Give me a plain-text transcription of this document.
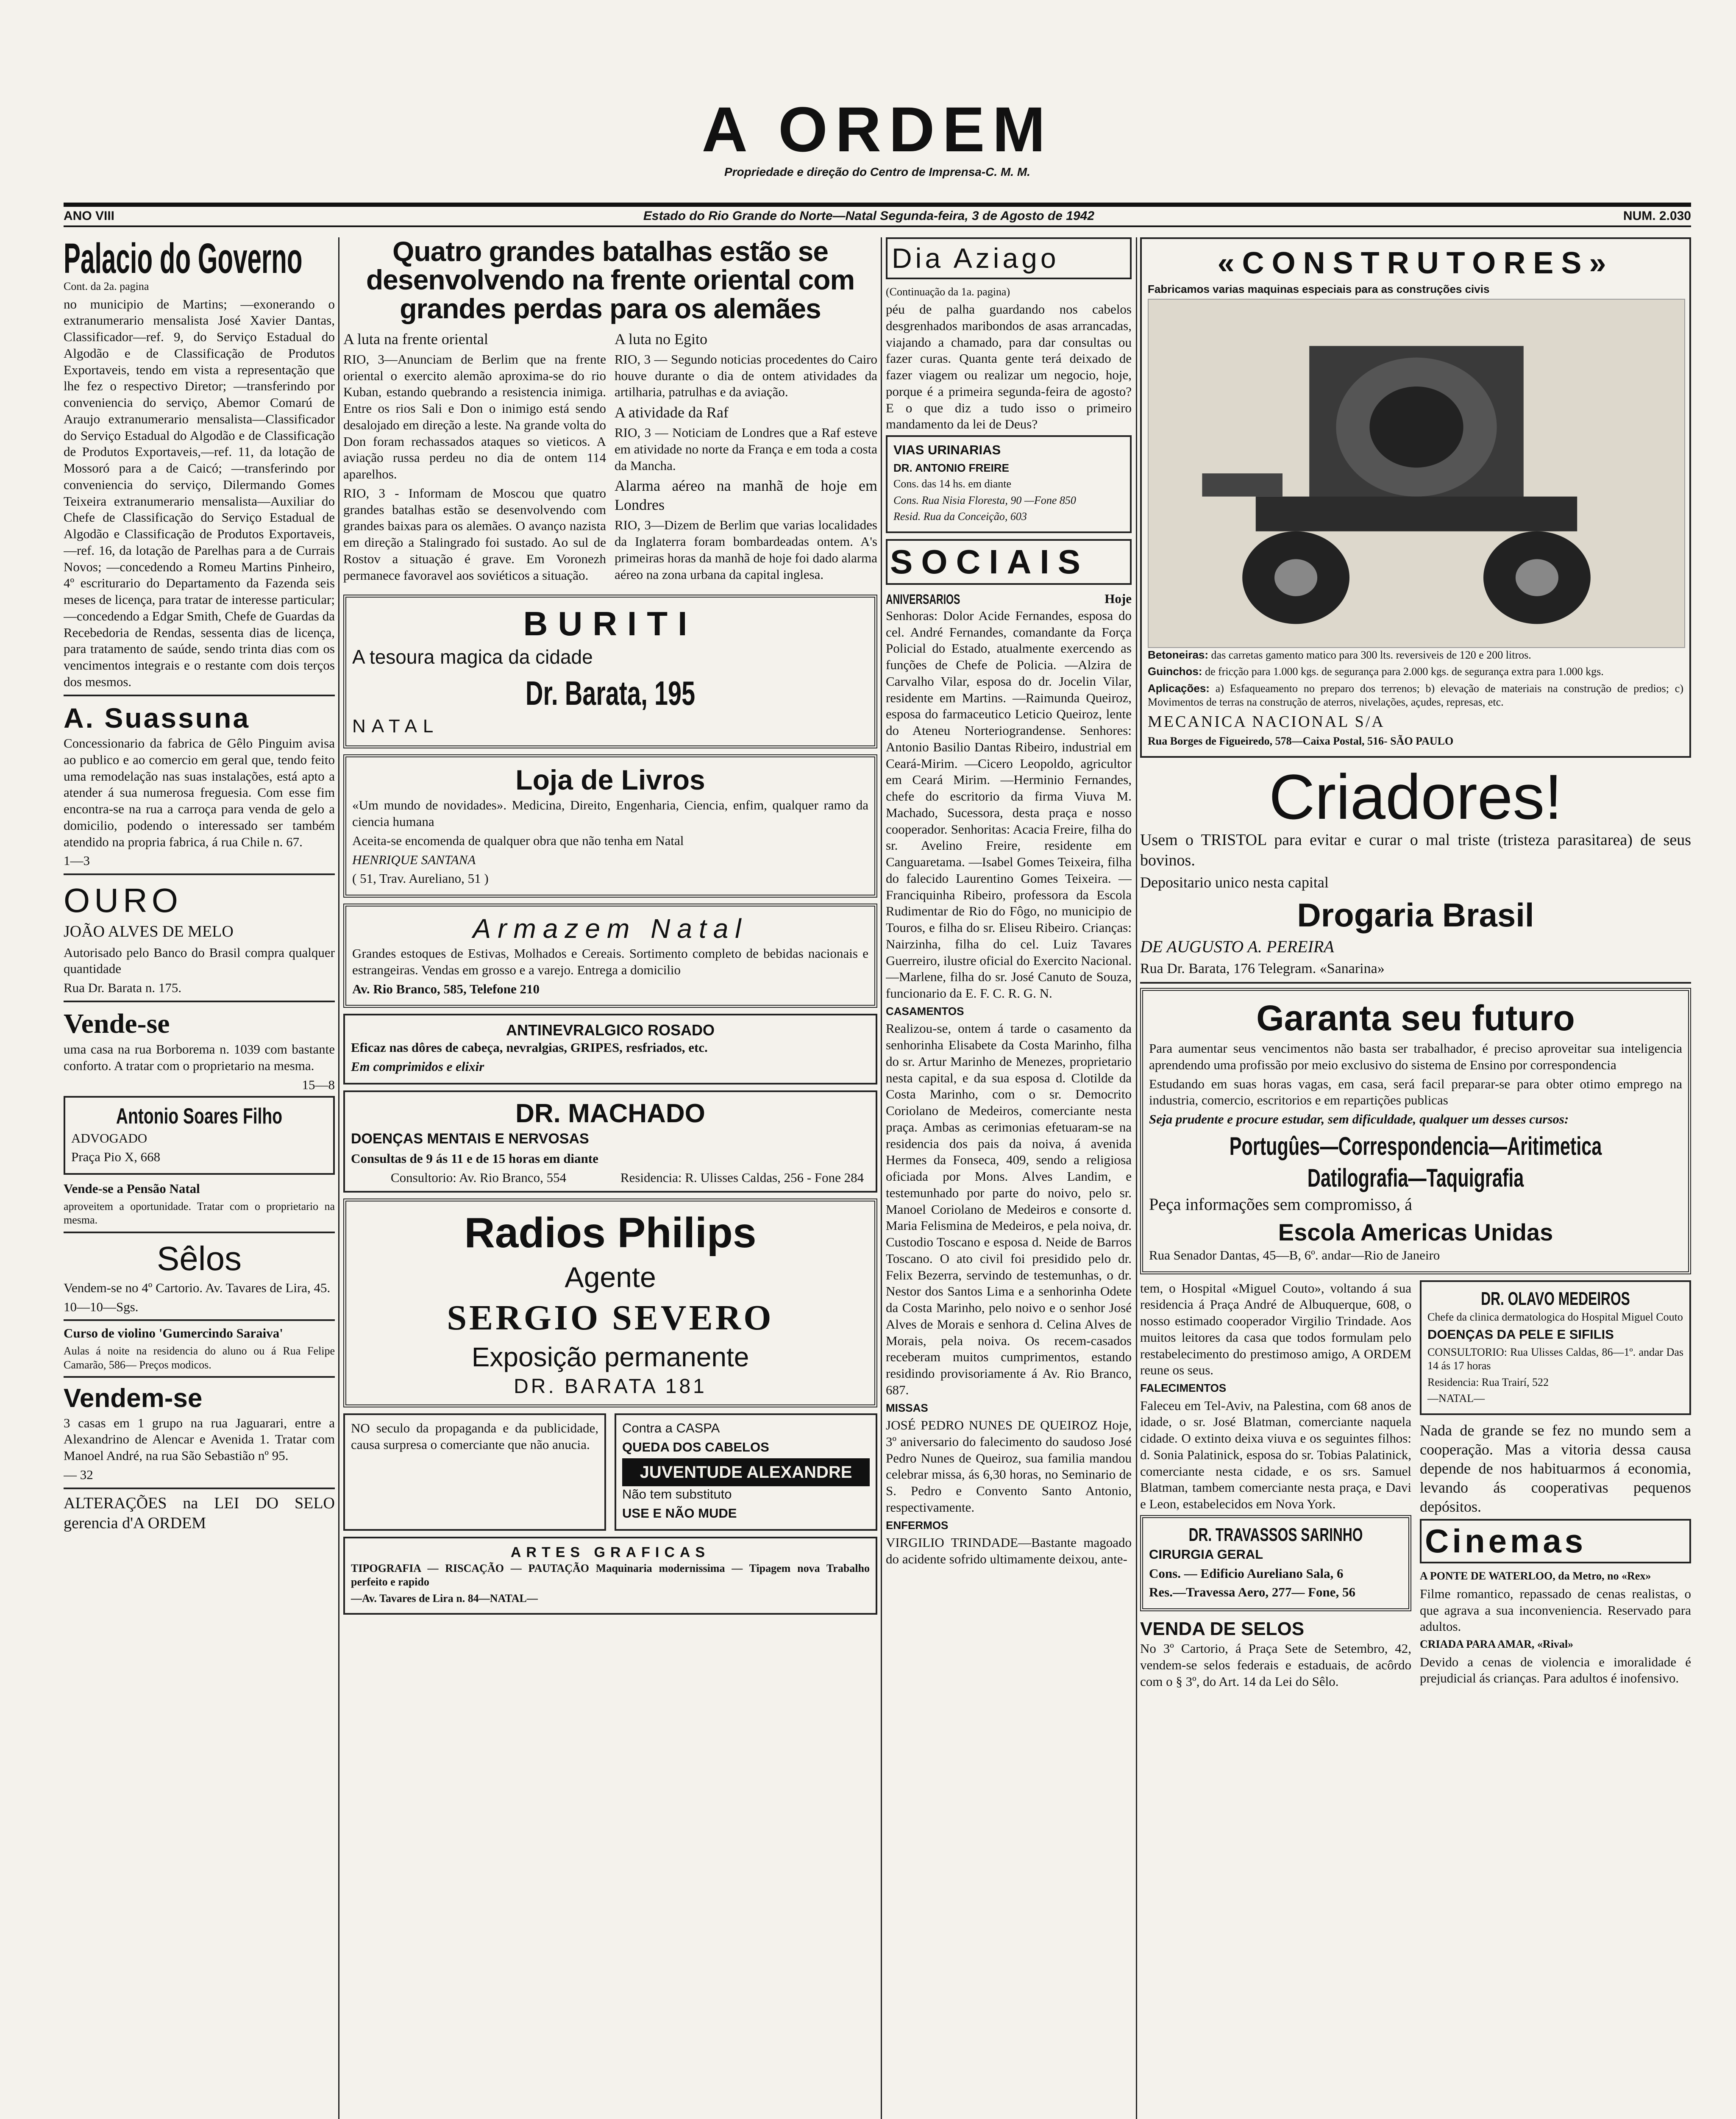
A ORDEM
Propriedade e direção do Centro de Imprensa-C. M. M.
ANO VIII	Estado do Rio Grande do Norte—Natal Segunda-feira, 3 de Agosto de 1942	NUM. 2.030
Palacio do Governo

Cont. da 2a. pagina

no municipio de Martins; —exonerando o extranumerario mensalista José Xavier Dantas, Classificador—ref. 9, do Serviço Estadual do Algodão e de Classificação de Produtos Exportaveis, tendo em vista a representação que lhe fez o respectivo Diretor; —transferindo por conveniencia do serviço, Abemor Comarú de Araujo extranumerario mensalista—Classificador do Serviço Estadual do Algodão e de Classificação de Produtos Exportaveis,—ref. 11, da lotação de Mossoró para a de Caicó; —transferindo por conveniencia do serviço, Dilermando Gomes Teixeira extranumerario mensalista—Auxiliar do Chefe de Classificação do Serviço Estadual de Algodão e Classificação de Produtos Exportaveis,—ref. 16, da lotação de Parelhas para a de Currais Novos; —concedendo a Romeu Martins Pinheiro, 4º escriturario do Departamento da Fazenda seis meses de licença, para tratar de interesse particular; —concedendo a Edgar Smith, Chefe de Guardas da Recebedoria de Rendas, sessenta dias de licença, para tratamento de saúde, sendo trinta dias com os vencimentos integrais e o restante com dois terços dos mesmos.

A. Suassuna

Concessionario da fabrica de Gêlo Pinguim avisa ao publico e ao comercio em geral que, tendo feito uma remodelação nas suas instalações, está apto a atender á sua numerosa freguesia. Com esse fim encontra-se na rua a carroça para venda de gelo a domicilio, podendo o interessado ser também atendido na propria fabrica, á rua Chile n. 67.

1—3

OURO

JOÃO ALVES DE MELO

Autorisado pelo Banco do Brasil compra qualquer quantidade

Rua Dr. Barata n. 175.

Vende-se

uma casa na rua Borborema n. 1039 com bastante conforto. A tratar com o proprietario na mesma.

15—8

Antonio Soares Filho

ADVOGADO

Praça Pio X, 668

Vende-se a Pensão Natal

aproveitem a oportunidade. Tratar com o proprietario na mesma.

Sêlos

Vendem-se no 4º Cartorio. Av. Tavares de Lira, 45.

10—10—Sgs.

Curso de violino 'Gumercindo Saraiva'

Aulas á noite na residencia do aluno ou á Rua Felipe Camarão, 586— Preços modicos.

Vendem-se

3 casas em 1 grupo na rua Jaguarari, entre a Alexandrino de Alencar e Avenida 1. Tratar com Manoel André, na rua São Sebastião nº 95.

— 32

ALTERAÇÕES na LEI DO SELO gerencia d'A ORDEM

Quatro grandes batalhas estão se desenvolvendo na frente oriental com grandes perdas para os alemães

A luta na frente oriental

RIO, 3—Anunciam de Berlim que na frente oriental o exercito alemão aproxima-se do rio Kuban, estando quebrando a resistencia inimiga. Entre os rios Sali e Don o inimigo está sendo desalojado em direção a leste. Na grande volta do Don foram rechassados ataques so vieticos. A aviação russa perdeu no dia de ontem 114 aparelhos.

RIO, 3 - Informam de Moscou que quatro grandes batalhas estão se desenvolvendo com grandes baixas para os alemães. O avanço nazista em direção a Stalingrado foi sustado. Ao sul de Rostov a situação é grave. Em Voronezh permanece favoravel aos soviéticos a situação.

A luta no Egito

RIO, 3 — Segundo noticias procedentes do Cairo houve durante o dia de ontem atividades da artilharia, patrulhas e da aviação.

A atividade da Raf

RIO, 3 — Noticiam de Londres que a Raf esteve em atividade no norte da França e em toda a costa da Mancha.

Alarma aéreo na manhã de hoje em Londres

RIO, 3—Dizem de Berlim que varias localidades da Inglaterra foram bombardeadas ontem. A's primeiras horas da manhã de hoje foi dado alarma aéreo na zona urbana da capital inglesa.

BURITI

A tesoura magica da cidade

Dr. Barata, 195

NATAL

Loja de Livros

«Um mundo de novidades». Medicina, Direito, Engenharia, Ciencia, enfim, qualquer ramo da ciencia humana

Aceita-se encomenda de qualquer obra que não tenha em Natal

HENRIQUE SANTANA

( 51, Trav. Aureliano, 51 )

Armazem Natal

Grandes estoques de Estivas, Molhados e Cereais. Sortimento completo de bebidas nacionais e estrangeiras. Vendas em grosso e a varejo. Entrega a domicilio

Av. Rio Branco, 585, Telefone 210

ANTINEVRALGICO ROSADO

Eficaz nas dôres de cabeça, nevralgias, GRIPES, resfriados, etc.

Em comprimidos e elixir

DR. MACHADO

DOENÇAS MENTAIS E NERVOSAS

Consultas de 9 ás 11 e de 15 horas em diante

Consultorio: Av. Rio Branco, 554	Residencia: R. Ulisses Caldas, 256 - Fone 284
Radios Philips
Agente
SERGIO SEVERO
Exposição permanente
DR. BARATA 181

NO seculo da propaganda e da publicidade, causa surpresa o comerciante que não anucia.

Contra a CASPA

QUEDA DOS CABELOS

JUVENTUDE ALEXANDRE

Não tem substituto

USE E NÃO MUDE

ARTES GRAFICAS

TIPOGRAFIA — RISCAÇÃO — PAUTAÇÃO Maquinaria modernissima — Tipagem nova Trabalho perfeito e rapido

—Av. Tavares de Lira n. 84—NATAL—

Dia Aziago

(Continuação da 1a. pagina)

péu de palha guardando nos cabelos desgrenhados maribondos de asas arrancadas, viajando a chamado, para dar consultas ou fazer curas. Quanta gente terá deixado de fazer viagem ou realizar um negocio, hoje, porque é a primeira segunda-feira de agosto? E o que diz a tudo isso o primeiro mandamento da lei de Deus?

VIAS URINARIAS

DR. ANTONIO FREIRE

Cons. das 14 hs. em diante

Cons. Rua Nisia Floresta, 90 —Fone 850

Resid. Rua da Conceição, 603

SOCIAIS
ANIVERSARIOS	Hoje

Senhoras: Dolor Acide Fernandes, esposa do cel. André Fernandes, comandante da Força Policial do Estado, atualmente exercendo as funções de Chefe de Policia. —Alzira de Carvalho Vilar, esposa do dr. Jocelin Vilar, residente em Martins. —Raimunda Queiroz, esposa do farmaceutico Leticio Queiroz, lente do Ateneu Norteriograndense. Senhores: Antonio Basilio Dantas Ribeiro, industrial em Ceará-Mirim. —Cicero Leopoldo, agricultor em Ceará Mirim. —Herminio Fernandes, chefe do escritorio da firma Viuva M. Machado, Sucessora, desta praça e nosso cooperador. Senhoritas: Acacia Freire, filha do sr. Avelino Freire, residente em Canguaretama. —Isabel Gomes Teixeira, filha do falecido Laurentino Gomes Teixeira. —Franciquinha Ribeiro, professora da Escola Rudimentar de Rio do Fôgo, no municipio de Touros, e filha do sr. Eliseu Ribeiro. Crianças: Nairzinha, filha do cel. Luiz Tavares Guerreiro, ilustre oficial do Exercito Nacional. —Marlene, filha do sr. José Canuto de Souza, funcionario da E. F. C. R. G. N.

CASAMENTOS

Realizou-se, ontem á tarde o casamento da senhorinha Elisabete da Costa Marinho, filha do sr. Artur Marinho de Menezes, proprietario nesta capital, e da sua esposa d. Clotilde da Costa Marinho, com o sr. Democrito Coriolano de Medeiros, comerciante nesta praça. Ambas as cerimonias efetuaram-se na residencia dos pais da noiva, á avenida Hermes da Fonseca, 409, sendo a religiosa oficiada por Mons. Alves Landim, e testemunhado por parte do noivo, pelo sr. Manoel Coriolano de Medeiros e consorte d. Maria Felismina de Medeiros, e pela noiva, dr. Custodio Toscano e esposa d. Neide de Barros Toscano. O ato civil foi presidido pelo dr. Felix Bezerra, servindo de testemunhas, o dr. Nestor dos Santos Lima e a senhorinha Odete da Costa Marinho, pelo noivo e o senhor José Alves de Morais e senhora d. Celina Alves de Morais, pela noiva. Os recem-casados receberam muitos cumprimentos, estando residindo provisoriamente á Av. Rio Branco, 687.

MISSAS

JOSÉ PEDRO NUNES DE QUEIROZ Hoje, 3º aniversario do falecimento do saudoso José Pedro Nunes de Queiroz, sua familia mandou celebrar missa, ás 6,30 horas, no Seminario de S. Pedro e Convento Santo Antonio, respectivamente.

ENFERMOS

VIRGILIO TRINDADE—Bastante magoado do acidente sofrido ultimamente deixou, ante-

«CONSTRUTORES»

Fabricamos varias maquinas especiais para as construções civis

Betoneiras: das carretas gamento matico para 300 lts. reversiveis de 120 e 200 litros.

Guinchos: de fricção para 1.000 kgs. de segurança para 2.000 kgs. de segurança extra para 1.000 kgs.

Aplicações: a) Esfaqueamento no preparo dos terrenos; b) elevação de materiais na construção de predios; c) Movimentos de terras na construção de aterros, nivelações, açudes, represas, etc.

MECANICA NACIONAL S/A

Rua Borges de Figueiredo, 578—Caixa Postal, 516- SÃO PAULO

Criadores!

Usem o TRISTOL para evitar e curar o mal triste (tristeza parasitarea) de seus bovinos.

Depositario unico nesta capital

Drogaria Brasil

DE AUGUSTO A. PEREIRA

Rua Dr. Barata, 176 Telegram. «Sanarina»

Garanta seu futuro

Para aumentar seus vencimentos não basta ser trabalhador, é preciso aproveitar sua inteligencia aprendendo uma profissão por meio exclusivo do sistema de Ensino por correspondencia

Estudando em suas horas vagas, em casa, será facil preparar-se para obter otimo emprego na industria, comercio, escritorios e em repartições publicas

Seja prudente e procure estudar, sem dificuldade, qualquer um desses cursos:

Portugûes—Correspondencia—Aritimetica
Datilografia—Taquigrafia

Peça informações sem compromisso, á

Escola Americas Unidas

Rua Senador Dantas, 45—B, 6º. andar—Rio de Janeiro

tem, o Hospital «Miguel Couto», voltando á sua residencia á Praça André de Albuquerque, 608, o nosso estimado cooperador Virgilio Trindade. Aos muitos leitores da casa que todos formulam pelo restabelecimento do prestimoso amigo, A ORDEM reune os seus.

FALECIMENTOS

Faleceu em Tel-Aviv, na Palestina, com 68 anos de idade, o sr. José Blatman, comerciante naquela cidade. O extinto deixa viuva e os seguintes filhos: d. Sonia Palatinick, esposa do sr. Tobias Palatinick, comerciante nesta cidade, e os srs. Samuel Blatman, tambem comerciante nesta praça, e Davi e Leon, estabelecidos em Nova York.

DR. TRAVASSOS SARINHO

CIRURGIA GERAL

Cons. — Edificio Aureliano Sala, 6

Res.—Travessa Aero, 277— Fone, 56

VENDA DE SELOS

No 3º Cartorio, á Praça Sete de Setembro, 42, vendem-se selos federais e estaduais, de acôrdo com o § 3º, do Art. 14 da Lei do Sêlo.

DR. OLAVO MEDEIROS

Chefe da clinica dermatologica do Hospital Miguel Couto

DOENÇAS DA PELE E SIFILIS

CONSULTORIO: Rua Ulisses Caldas, 86—1º. andar Das 14 ás 17 horas

Residencia: Rua Trairí, 522

—NATAL—

Nada de grande se fez no mundo sem a cooperação. Mas a vitoria dessa causa depende de nos habituarmos á economia, levando ás cooperativas pequenos depósitos.

Cinemas

A PONTE DE WATERLOO, da Metro, no «Rex»

Filme romantico, repassado de cenas realistas, o que agrava a sua inconveniencia. Reservado para adultos.

CRIADA PARA AMAR, «Rival»

Devido a cenas de violencia e imoralidade é prejudicial ás crianças. Para adultos é inofensivo.
